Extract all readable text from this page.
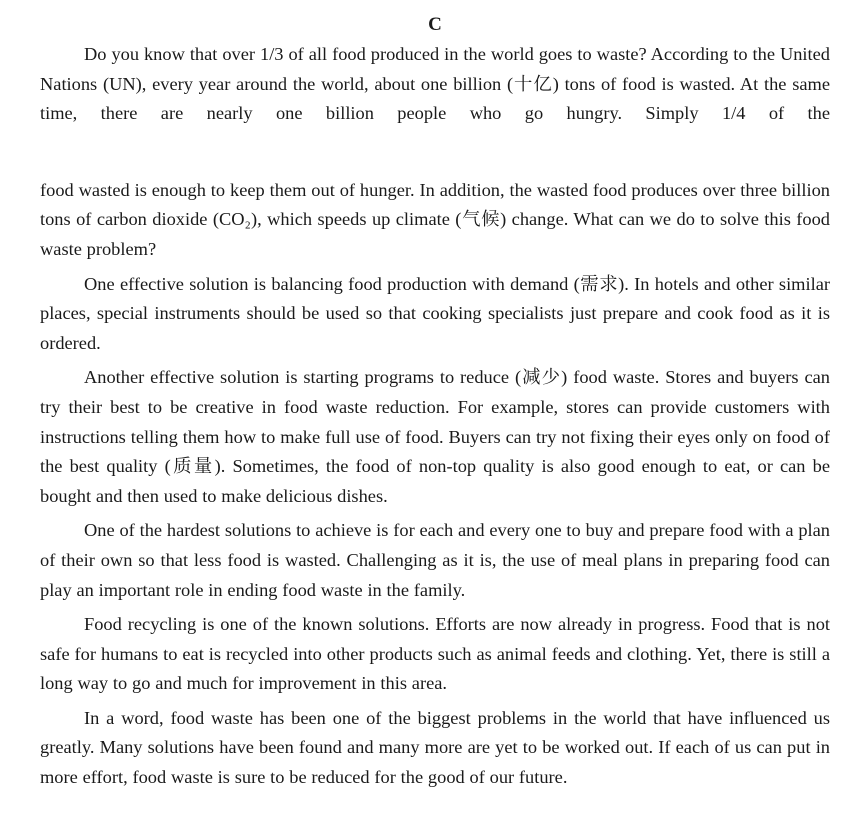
C

Do you know that over 1/3 of all food produced in the world goes to waste? According to the United Nations (UN), every year around the world, about one billion (十亿) tons of food is wasted. At the same time, there are nearly one billion people who go hungry. Simply 1/4 of the

food wasted is enough to keep them out of hunger. In addition, the wasted food produces over three billion tons of carbon dioxide (CO₂), which speeds up climate (气候) change. What can we do to solve this food waste problem?

One effective solution is balancing food production with demand (需求). In hotels and other similar places, special instruments should be used so that cooking specialists just prepare and cook food as it is ordered.

Another effective solution is starting programs to reduce (减少) food waste. Stores and buyers can try their best to be creative in food waste reduction. For example, stores can provide customers with instructions telling them how to make full use of food. Buyers can try not fixing their eyes only on food of the best quality (质量). Sometimes, the food of non-top quality is also good enough to eat, or can be bought and then used to make delicious dishes.

One of the hardest solutions to achieve is for each and every one to buy and prepare food with a plan of their own so that less food is wasted. Challenging as it is, the use of meal plans in preparing food can play an important role in ending food waste in the family.

Food recycling is one of the known solutions. Efforts are now already in progress. Food that is not safe for humans to eat is recycled into other products such as animal feeds and clothing. Yet, there is still a long way to go and much for improvement in this area.

In a word, food waste has been one of the biggest problems in the world that have influenced us greatly. Many solutions have been found and many more are yet to be worked out. If each of us can put in more effort, food waste is sure to be reduced for the good of our future.
